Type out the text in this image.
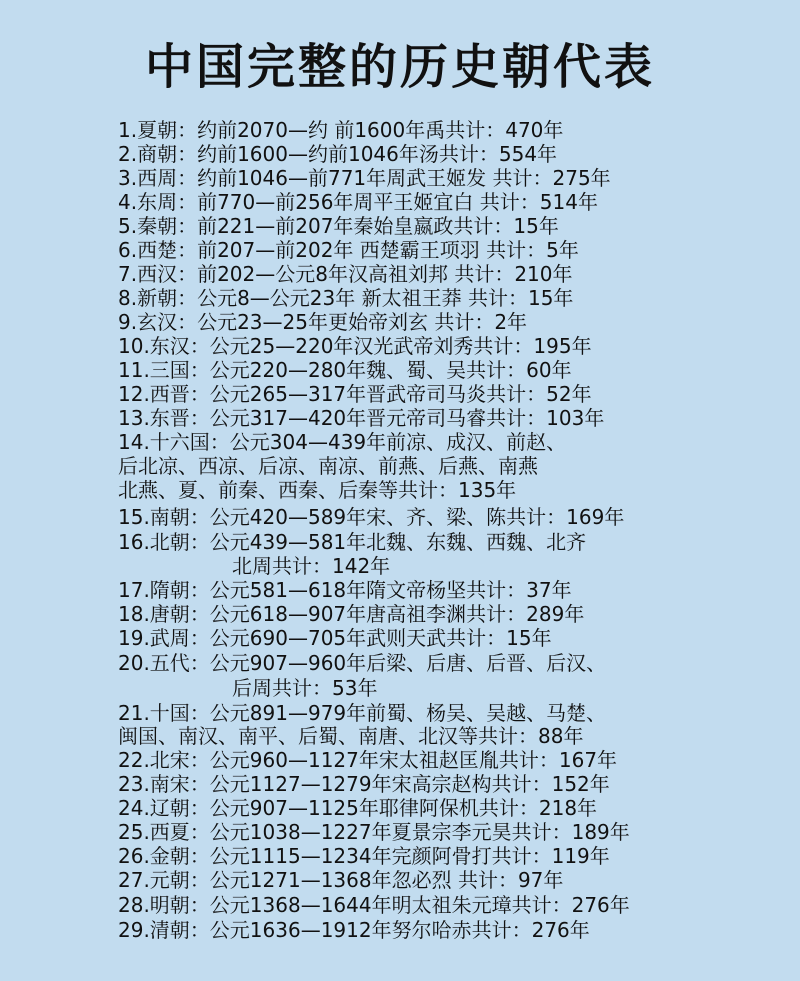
中国完整的历史朝代表
1.夏朝：约前2070—约 前1600年禹共计：470年
2.商朝：约前1600—约前1046年汤共计：554年
3.西周：约前1046—前771年周武王姬发 共计：275年
4.东周：前770—前256年周平王姬宜白 共计：514年
5.秦朝：前221—前207年秦始皇嬴政共计：15年
6.西楚：前207—前202年 西楚霸王项羽 共计：5年
7.西汉：前202—公元8年汉高祖刘邦 共计：210年
8.新朝：公元8—公元23年 新太祖王莽 共计：15年
9.玄汉：公元23—25年更始帝刘玄 共计：2年
10.东汉：公元25—220年汉光武帝刘秀共计：195年
11.三国：公元220—280年魏、蜀、吴共计：60年
12.西晋：公元265—317年晋武帝司马炎共计：52年
13.东晋：公元317—420年晋元帝司马睿共计：103年
14.十六国：公元304—439年前凉、成汉、前赵、
后北凉、西凉、后凉、南凉、前燕、后燕、南燕
北燕、夏、前秦、西秦、后秦等共计：135年
15.南朝：公元420—589年宋、齐、梁、陈共计：169年
16.北朝：公元439—581年北魏、东魏、西魏、北齐
北周共计：142年
17.隋朝：公元581—618年隋文帝杨坚共计：37年
18.唐朝：公元618—907年唐高祖李渊共计：289年
19.武周：公元690—705年武则天武共计：15年
20.五代：公元907—960年后梁、后唐、后晋、后汉、
后周共计：53年
21.十国：公元891—979年前蜀、杨吴、吴越、马楚、
闽国、南汉、南平、后蜀、南唐、北汉等共计：88年
22.北宋：公元960—1127年宋太祖赵匡胤共计：167年
23.南宋：公元1127—1279年宋高宗赵构共计：152年
24.辽朝：公元907—1125年耶律阿保机共计：218年
25.西夏：公元1038—1227年夏景宗李元昊共计：189年
26.金朝：公元1115—1234年完颜阿骨打共计：119年
27.元朝：公元1271—1368年忽必烈 共计：97年
28.明朝：公元1368—1644年明太祖朱元璋共计：276年
29.清朝：公元1636—1912年努尔哈赤共计：276年
